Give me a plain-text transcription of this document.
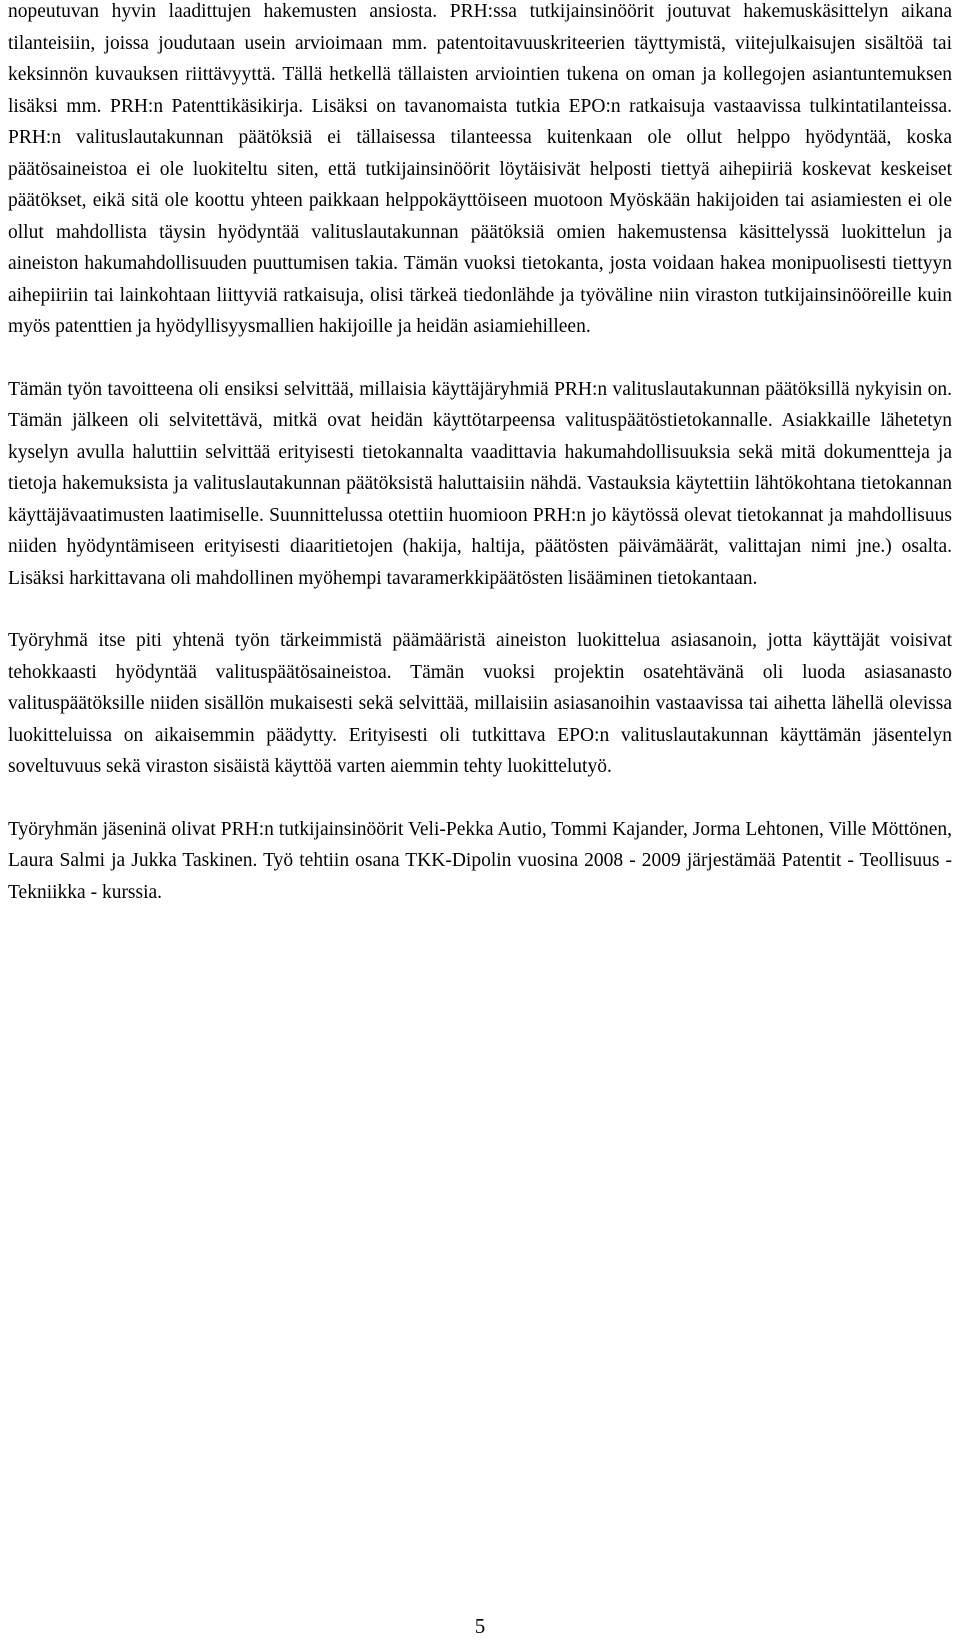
nopeutuvan hyvin laadittujen hakemusten ansiosta. PRH:ssa tutkijainsinöörit joutuvat hakemuskäsittelyn aikana tilanteisiin, joissa joudutaan usein arvioimaan mm. patentoitavuuskriteerien täyttymistä, viitejulkaisujen sisältöä tai keksinnön kuvauksen riittävyyttä. Tällä hetkellä tällaisten arviointien tukena on oman ja kollegojen asiantuntemuksen lisäksi mm. PRH:n Patenttikäsikirja. Lisäksi on tavanomaista tutkia EPO:n ratkaisuja vastaavissa tulkintatilanteissa. PRH:n valituslautakunnan päätöksiä ei tällaisessa tilanteessa kuitenkaan ole ollut helppo hyödyntää, koska päätösaineistoa ei ole luokiteltu siten, että tutkijainsinöörit löytäisivät helposti tiettyä aihepiiriä koskevat keskeiset päätökset, eikä sitä ole koottu yhteen paikkaan helppokäyttöiseen muotoon Myöskään hakijoiden tai asiamiesten ei ole ollut mahdollista täysin hyödyntää valituslautakunnan päätöksiä omien hakemustensa käsittelyssä luokittelun ja aineiston hakumahdollisuuden puuttumisen takia. Tämän vuoksi tietokanta, josta voidaan hakea monipuolisesti tiettyyn aihepiiriin tai lainkohtaan liittyviä ratkaisuja, olisi tärkeä tiedonlähde ja työväline niin viraston tutkijainsinööreille kuin myös patenttien ja hyödyllisyysmallien hakijoille ja heidän asiamiehilleen.

Tämän työn tavoitteena oli ensiksi selvittää, millaisia käyttäjäryhmiä PRH:n valituslautakunnan päätöksillä nykyisin on. Tämän jälkeen oli selvitettävä, mitkä ovat heidän käyttötarpeensa valituspäätöstietokannalle. Asiakkaille lähetetyn kyselyn avulla haluttiin selvittää erityisesti tietokannalta vaadittavia hakumahdollisuuksia sekä mitä dokumentteja ja tietoja hakemuksista ja valituslautakunnan päätöksistä haluttaisiin nähdä. Vastauksia käytettiin lähtökohtana tietokannan käyttäjävaatimusten laatimiselle. Suunnittelussa otettiin huomioon PRH:n jo käytössä olevat tietokannat ja mahdollisuus niiden hyödyntämiseen erityisesti diaaritietojen (hakija, haltija, päätösten päivämäärät, valittajan nimi jne.) osalta. Lisäksi harkittavana oli mahdollinen myöhempi tavaramerkkipäätösten lisääminen tietokantaan.

Työryhmä itse piti yhtenä työn tärkeimmistä päämääristä aineiston luokittelua asiasanoin, jotta käyttäjät voisivat tehokkaasti hyödyntää valituspäätösaineistoa. Tämän vuoksi projektin osatehtävänä oli luoda asiasanasto valituspäätöksille niiden sisällön mukaisesti sekä selvittää, millaisiin asiasanoihin vastaavissa tai aihetta lähellä olevissa luokitteluissa on aikaisemmin päädytty. Erityisesti oli tutkittava EPO:n valituslautakunnan käyttämän jäsentelyn soveltuvuus sekä viraston sisäistä käyttöä varten aiemmin tehty luokittelutyö.

Työryhmän jäseninä olivat PRH:n tutkijainsinöörit Veli-Pekka Autio, Tommi Kajander, Jorma Lehtonen, Ville Möttönen, Laura Salmi ja Jukka Taskinen. Työ tehtiin osana TKK-Dipolin vuosina 2008 - 2009 järjestämää Patentit - Teollisuus - Tekniikka - kurssia.

5
